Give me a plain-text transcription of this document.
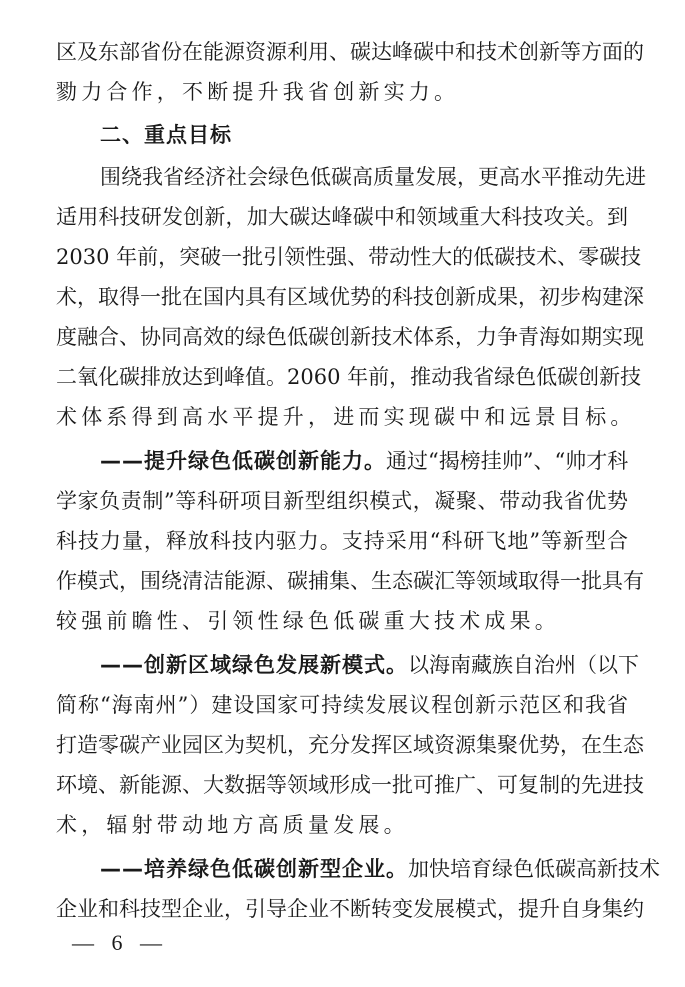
区及东部省份在能源资源利用、碳达峰碳中和技术创新等方面的
勠力合作，不断提升我省创新实力。
二、重点目标
围绕我省经济社会绿色低碳高质量发展，更高水平推动先进
适用科技研发创新，加大碳达峰碳中和领域重大科技攻关。到
2030 年前，突破一批引领性强、带动性大的低碳技术、零碳技
术，取得一批在国内具有区域优势的科技创新成果，初步构建深
度融合、协同高效的绿色低碳创新技术体系，力争青海如期实现
二氧化碳排放达到峰值。2060 年前，推动我省绿色低碳创新技
术体系得到高水平提升，进而实现碳中和远景目标。
——提升绿色低碳创新能力。通过“揭榜挂帅”、“帅才科
学家负责制”等科研项目新型组织模式，凝聚、带动我省优势
科技力量，释放科技内驱力。支持采用“科研飞地”等新型合
作模式，围绕清洁能源、碳捕集、生态碳汇等领域取得一批具有
较强前瞻性、引领性绿色低碳重大技术成果。
——创新区域绿色发展新模式。以海南藏族自治州（以下
简称“海南州”）建设国家可持续发展议程创新示范区和我省
打造零碳产业园区为契机，充分发挥区域资源集聚优势，在生态
环境、新能源、大数据等领域形成一批可推广、可复制的先进技
术，辐射带动地方高质量发展。
——培养绿色低碳创新型企业。加快培育绿色低碳高新技术
企业和科技型企业，引导企业不断转变发展模式，提升自身集约
— 6 —
